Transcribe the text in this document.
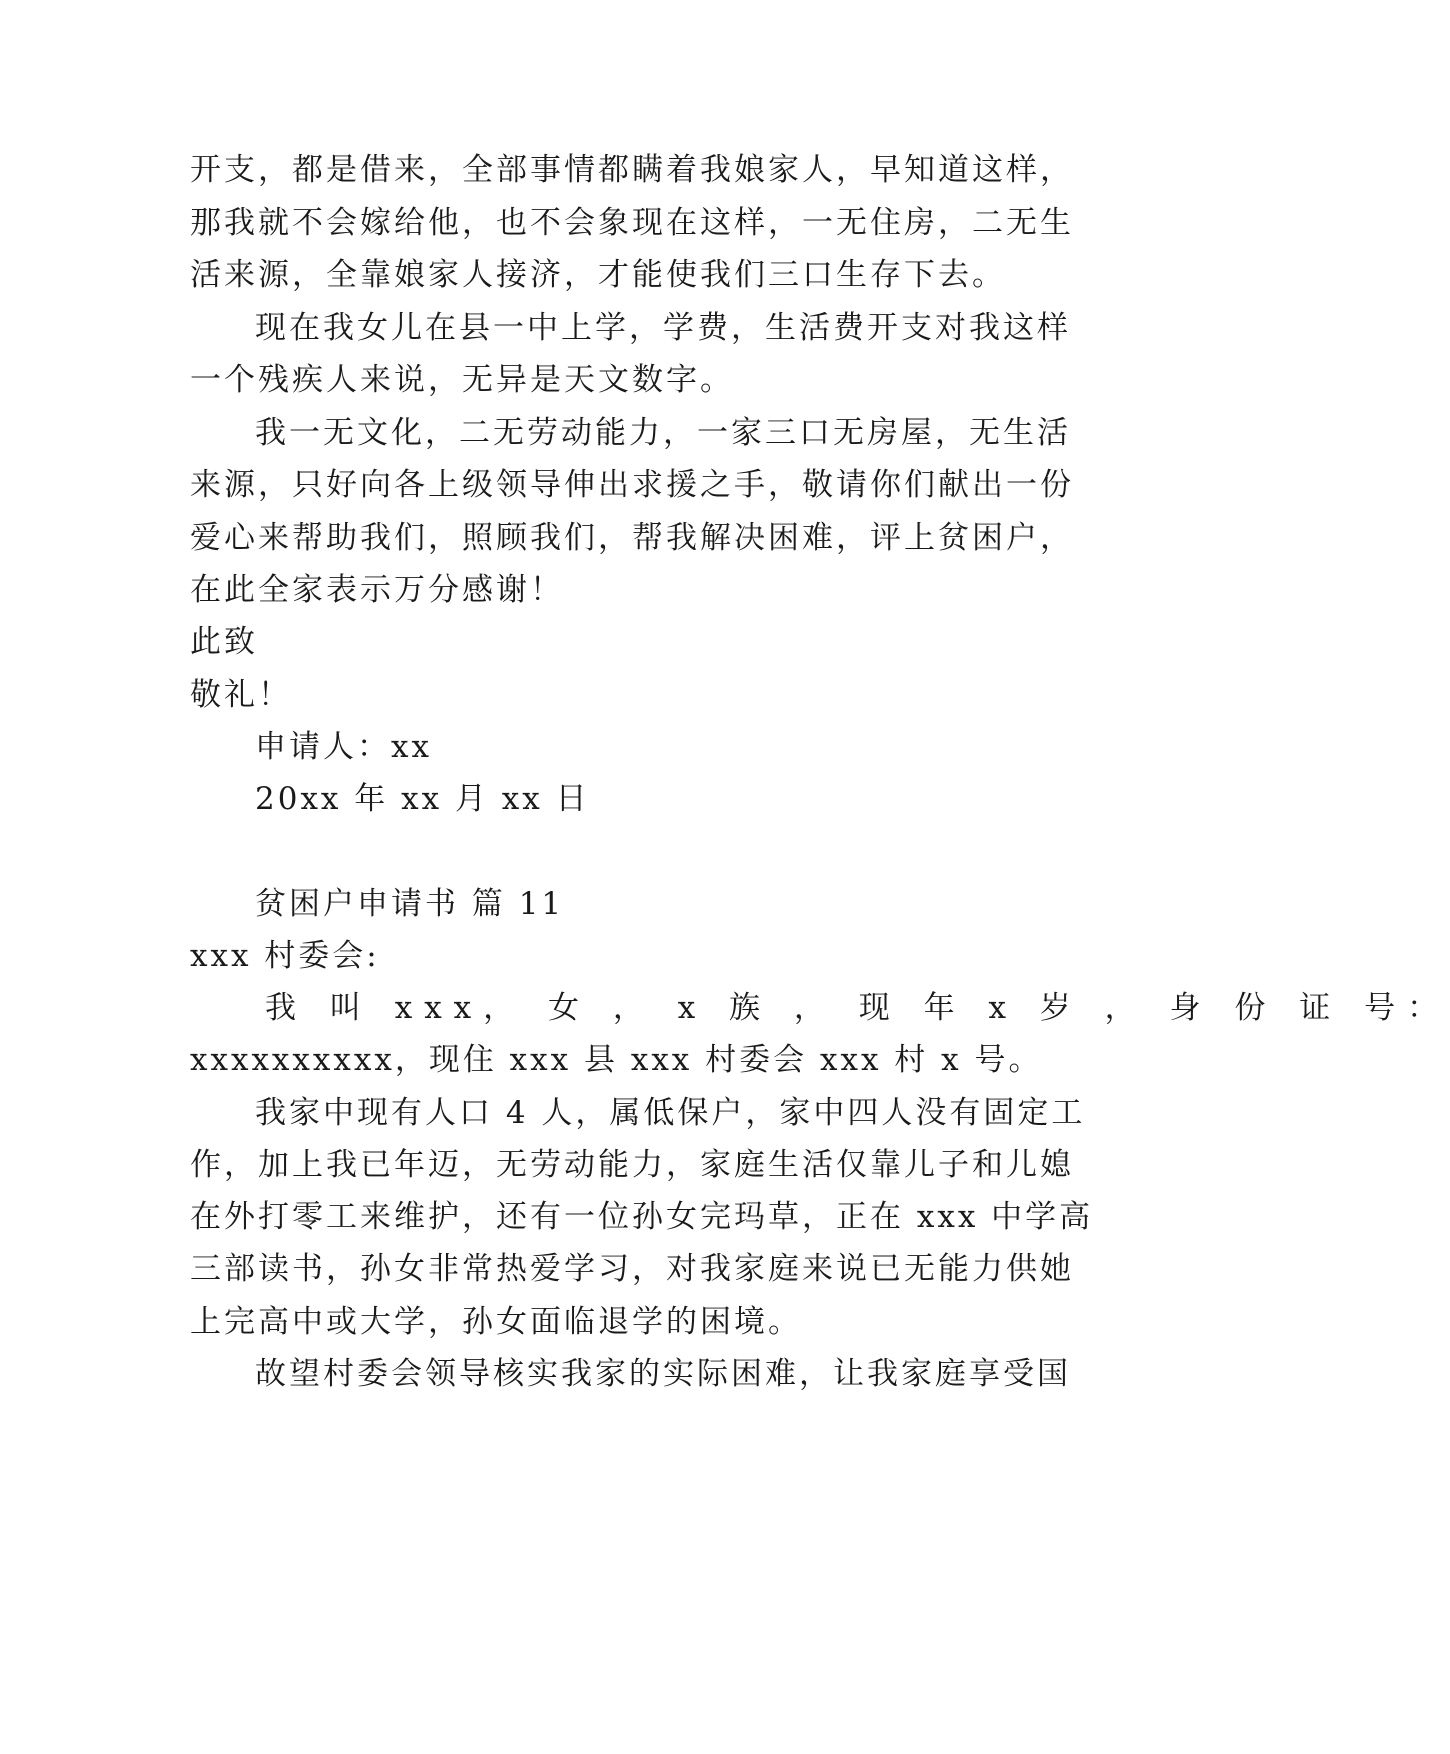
开支，都是借来，全部事情都瞒着我娘家人，早知道这样，
那我就不会嫁给他，也不会象现在这样，一无住房，二无生
活来源，全靠娘家人接济，才能使我们三口生存下去。
现在我女儿在县一中上学，学费，生活费开支对我这样
一个残疾人来说，无异是天文数字。
我一无文化，二无劳动能力，一家三口无房屋，无生活
来源，只好向各上级领导伸出求援之手，敬请你们献出一份
爱心来帮助我们，照顾我们，帮我解决困难，评上贫困户，
在此全家表示万分感谢！
此致
敬礼！
申请人：xx
20xx 年 xx 月 xx 日
贫困户申请书 篇 11
xxx 村委会:
我 叫 xxx， 女 ， x 族 ， 现 年 x 岁 ， 身 份 证 号：
xxxxxxxxxx，现住 xxx 县 xxx 村委会 xxx 村 x 号。
我家中现有人口 4 人，属低保户，家中四人没有固定工
作，加上我已年迈，无劳动能力，家庭生活仅靠儿子和儿媳
在外打零工来维护，还有一位孙女完玛草，正在 xxx 中学高
三部读书，孙女非常热爱学习，对我家庭来说已无能力供她
上完高中或大学，孙女面临退学的困境。
故望村委会领导核实我家的实际困难，让我家庭享受国
